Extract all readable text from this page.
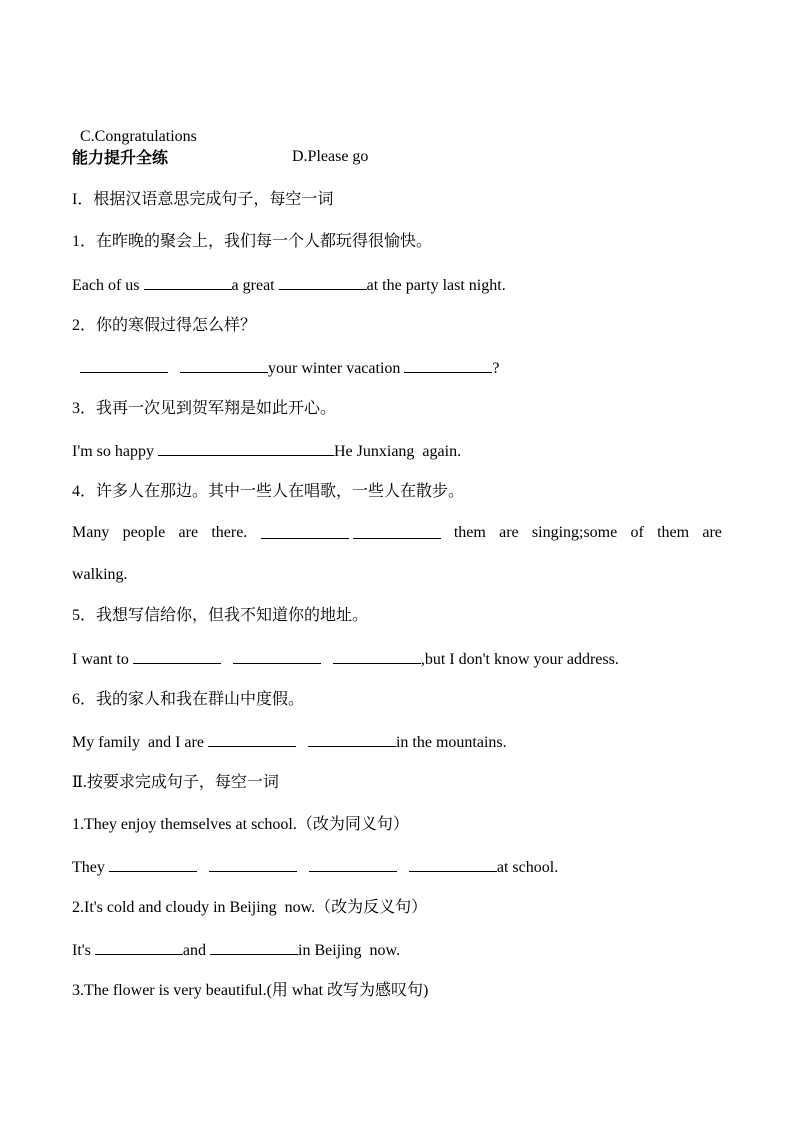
C.Congratulations

D.Please go

能力提升全练
I．根据汉语意思完成句子，每空一词
1．在昨晚的聚会上，我们每一个人都玩得很愉快。
Each of us	a great	at the party last night.
2．你的寒假过得怎么样？
your winter vacation	?
3．我再一次见到贺军翔是如此开心。
I'm so happy	He Junxiang  again.
4．许多人在那边。其中一些人在唱歌，一些人在散步。
Many people are there.
	them are singing;some of them are
walking.
5．我想写信给你，但我不知道你的地址。
I want to	,but I don't know your address.
6．我的家人和我在群山中度假。
My family  and I are	in the mountains.
Ⅱ.按要求完成句子，每空一词
1.They enjoy themselves at school.（改为同义句）
They	at school.
2.It's cold and cloudy in Beijing  now.（改为反义句）
It's	and	in Beijing  now.
3.The flower is very beautiful.(用 what 改写为感叹句)
